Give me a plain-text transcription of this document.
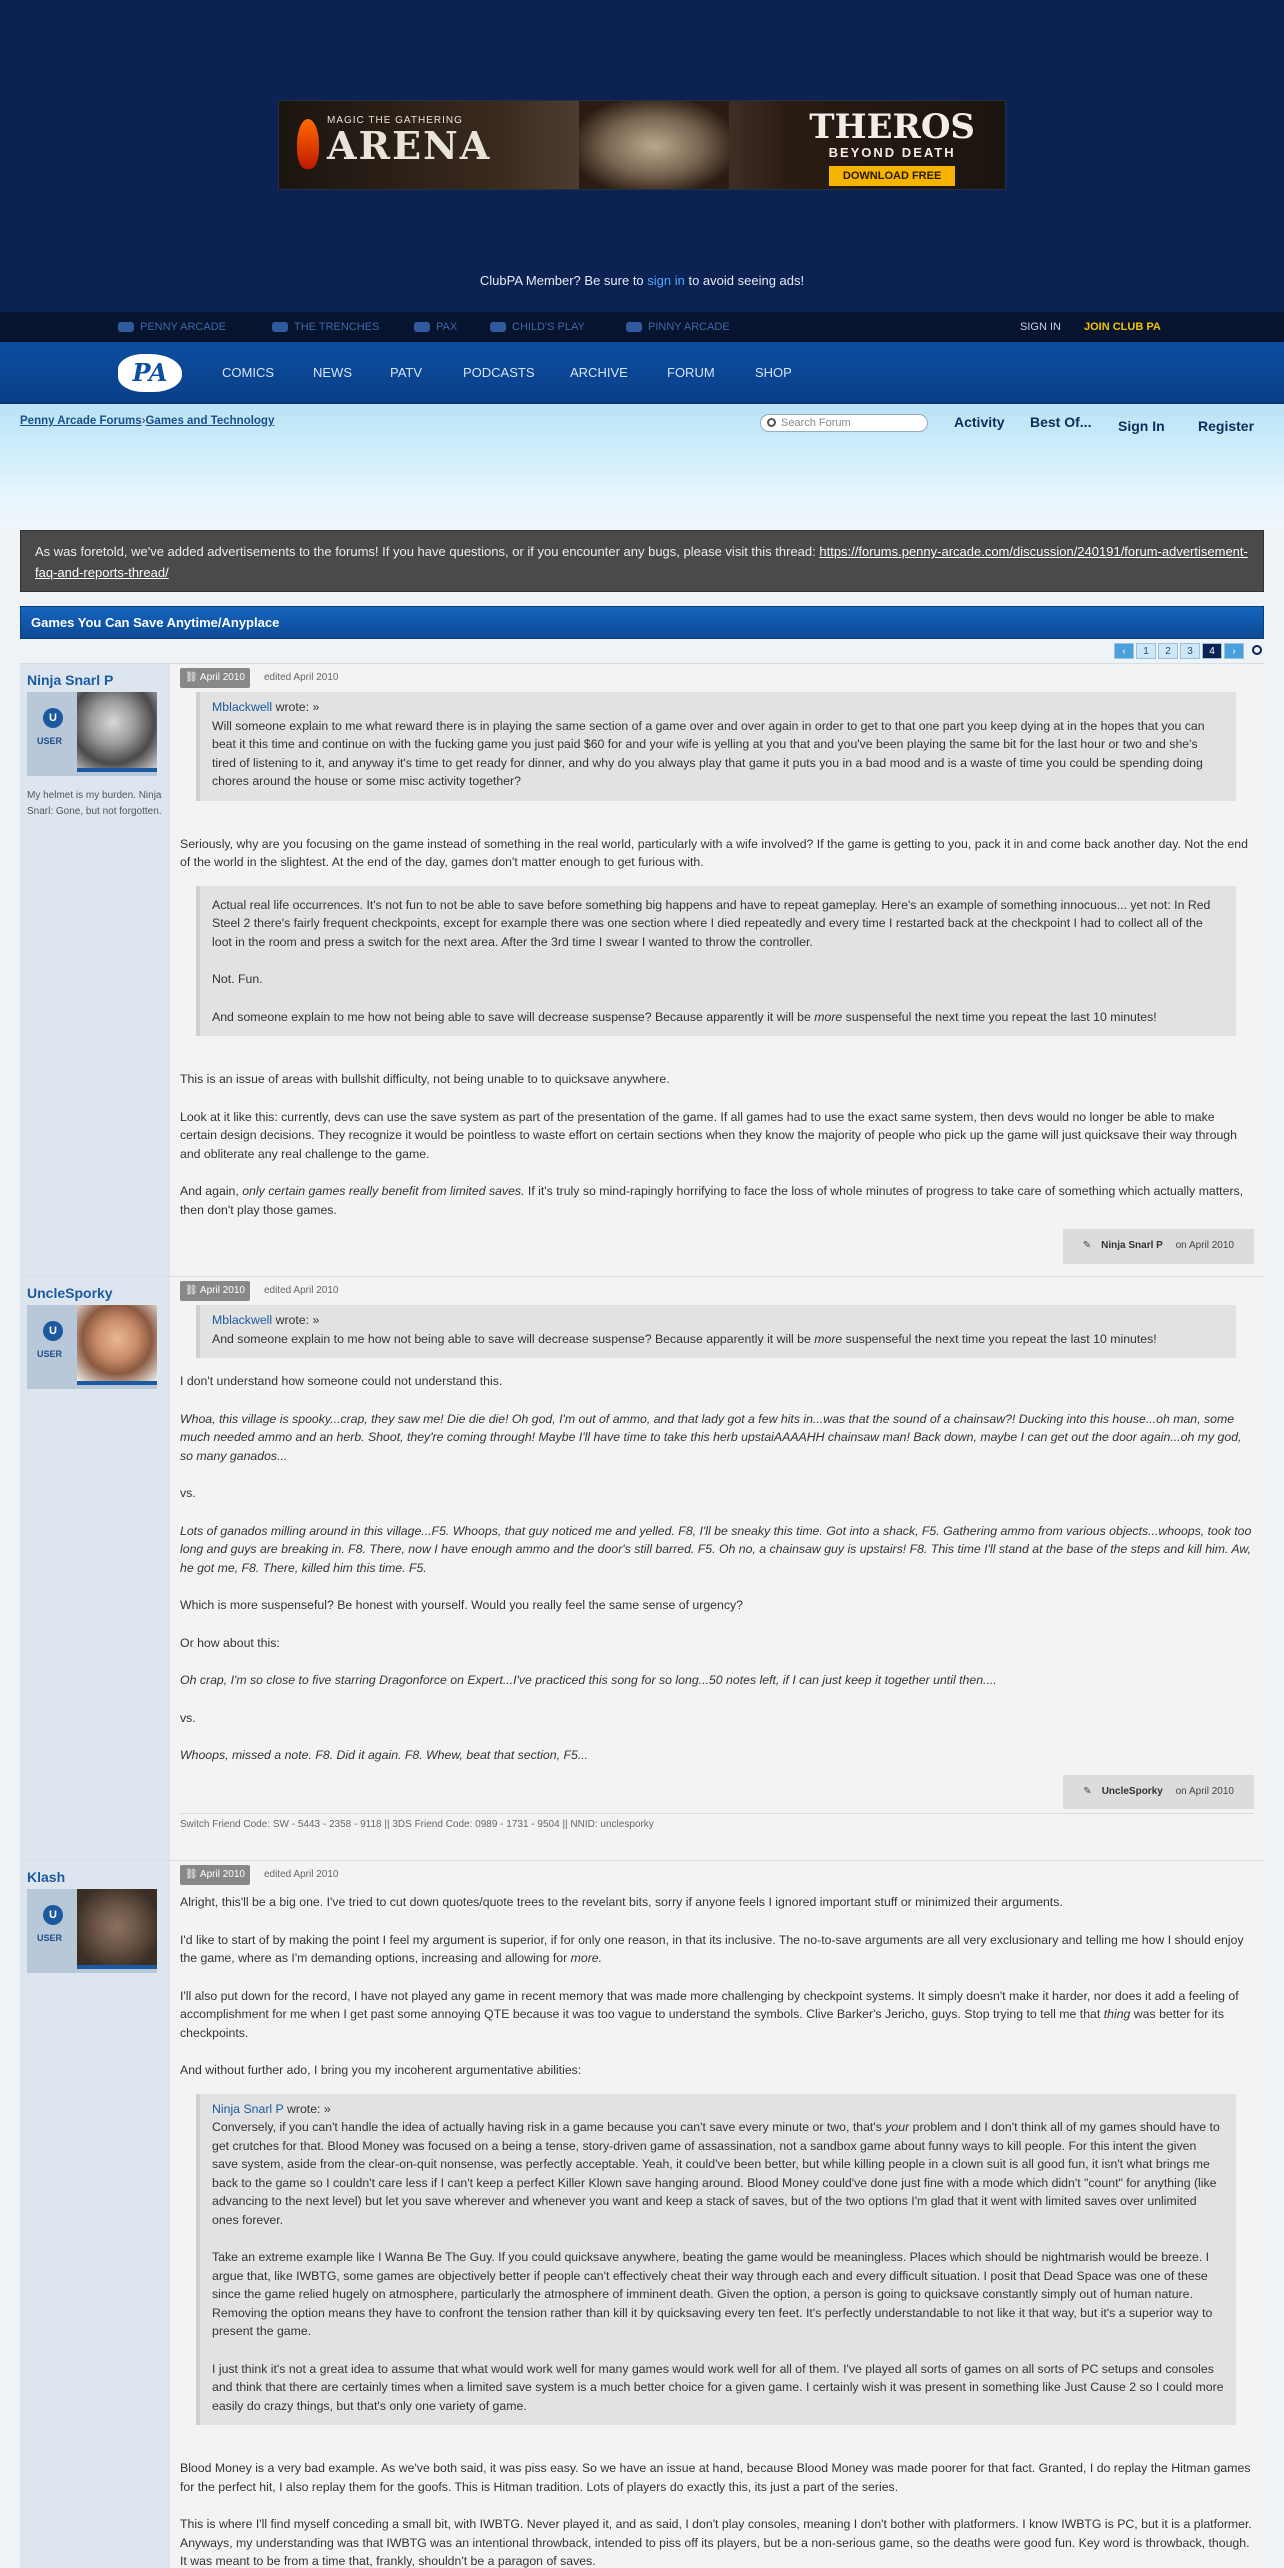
MAGIC THE GATHERING
ARENA	THEROS
BEYOND DEATH
DOWNLOAD FREE
ClubPA Member? Be sure to sign in to avoid seeing ads!
PENNY ARCADE	THE TRENCHES	PAX	CHILD'S PLAY	PINNY ARCADE	SIGN IN JOIN CLUB PA
PA	COMICS	NEWS	PATV	PODCASTS	ARCHIVE	FORUM	SHOP
Penny Arcade Forums›Games and Technology	Search Forum	Activity Best Of... Sign In Register
As was foretold, we've added advertisements to the forums! If you have questions, or if you encounter any bugs, please visit this thread: https://forums.penny-arcade.com/discussion/240191/forum-advertisement-faq-and-reports-thread/
Games You Can Save Anytime/Anyplace
‹	1	2	3	4	›
Ninja Snarl P
U
USER
My helmet is my burden. Ninja Snarl: Gone, but not forgotten.
⛓ April 2010	edited April 2010
Mblackwell wrote: »

Will someone explain to me what reward there is in playing the same section of a game over and over again in order to get to that one part you keep dying at in the hopes that you can beat it this time and continue on with the fucking game you just paid $60 for and your wife is yelling at you that and you've been playing the same bit for the last hour or two and she's tired of listening to it, and anyway it's time to get ready for dinner, and why do you always play that game it puts you in a bad mood and is a waste of time you could be spending doing chores around the house or some misc activity together?

Seriously, why are you focusing on the game instead of something in the real world, particularly with a wife involved? If the game is getting to you, pack it in and come back another day. Not the end of the world in the slightest. At the end of the day, games don't matter enough to get furious with.

Actual real life occurrences. It's not fun to not be able to save before something big happens and have to repeat gameplay. Here's an example of something innocuous... yet not: In Red Steel 2 there's fairly frequent checkpoints, except for example there was one section where I died repeatedly and every time I restarted back at the checkpoint I had to collect all of the loot in the room and press a switch for the next area. After the 3rd time I swear I wanted to throw the controller.

Not. Fun.

And someone explain to me how not being able to save will decrease suspense? Because apparently it will be more suspenseful the next time you repeat the last 10 minutes!

This is an issue of areas with bullshit difficulty, not being unable to to quicksave anywhere.

Look at it like this: currently, devs can use the save system as part of the presentation of the game. If all games had to use the exact same system, then devs would no longer be able to make certain design decisions. They recognize it would be pointless to waste effort on certain sections when they know the majority of people who pick up the game will just quicksave their way through and obliterate any real challenge to the game.

And again, only certain games really benefit from limited saves. If it's truly so mind-rapingly horrifying to face the loss of whole minutes of progress to take care of something which actually matters, then don't play those games.

✎Ninja Snarl P on April 2010
UncleSporky
U
USER
⛓ April 2010	edited April 2010
Mblackwell wrote: »

And someone explain to me how not being able to save will decrease suspense? Because apparently it will be more suspenseful the next time you repeat the last 10 minutes!

I don't understand how someone could not understand this.

Whoa, this village is spooky...crap, they saw me! Die die die! Oh god, I'm out of ammo, and that lady got a few hits in...was that the sound of a chainsaw?! Ducking into this house...oh man, some much needed ammo and an herb. Shoot, they're coming through! Maybe I'll have time to take this herb upstaiAAAAHH chainsaw man! Back down, maybe I can get out the door again...oh my god, so many ganados...

vs.

Lots of ganados milling around in this village...F5. Whoops, that guy noticed me and yelled. F8, I'll be sneaky this time. Got into a shack, F5. Gathering ammo from various objects...whoops, took too long and guys are breaking in. F8. There, now I have enough ammo and the door's still barred. F5. Oh no, a chainsaw guy is upstairs! F8. This time I'll stand at the base of the steps and kill him. Aw, he got me, F8. There, killed him this time. F5.

Which is more suspenseful? Be honest with yourself. Would you really feel the same sense of urgency?

Or how about this:

Oh crap, I'm so close to five starring Dragonforce on Expert...I've practiced this song for so long...50 notes left, if I can just keep it together until then....

vs.

Whoops, missed a note. F8. Did it again. F8. Whew, beat that section, F5...

✎UncleSporky on April 2010
Switch Friend Code: SW - 5443 - 2358 - 9118 || 3DS Friend Code: 0989 - 1731 - 9504 || NNID: unclesporky
Klash
U
USER
⛓ April 2010	edited April 2010

Alright, this'll be a big one. I've tried to cut down quotes/quote trees to the revelant bits, sorry if anyone feels I ignored important stuff or minimized their arguments.

I'd like to start of by making the point I feel my argument is superior, if for only one reason, in that its inclusive. The no-to-save arguments are all very exclusionary and telling me how I should enjoy the game, where as I'm demanding options, increasing and allowing for more.

I'll also put down for the record, I have not played any game in recent memory that was made more challenging by checkpoint systems. It simply doesn't make it harder, nor does it add a feeling of accomplishment for me when I get past some annoying QTE because it was too vague to understand the symbols. Clive Barker's Jericho, guys. Stop trying to tell me that thing was better for its checkpoints.

And without further ado, I bring you my incoherent argumentative abilities:

Ninja Snarl P wrote: »

Conversely, if you can't handle the idea of actually having risk in a game because you can't save every minute or two, that's your problem and I don't think all of my games should have to get crutches for that. Blood Money was focused on a being a tense, story-driven game of assassination, not a sandbox game about funny ways to kill people. For this intent the given save system, aside from the clear-on-quit nonsense, was perfectly acceptable. Yeah, it could've been better, but while killing people in a clown suit is all good fun, it isn't what brings me back to the game so I couldn't care less if I can't keep a perfect Killer Klown save hanging around. Blood Money could've done just fine with a mode which didn't "count" for anything (like advancing to the next level) but let you save wherever and whenever you want and keep a stack of saves, but of the two options I'm glad that it went with limited saves over unlimited ones forever.

Take an extreme example like I Wanna Be The Guy. If you could quicksave anywhere, beating the game would be meaningless. Places which should be nightmarish would be breeze. I argue that, like IWBTG, some games are objectively better if people can't effectively cheat their way through each and every difficult situation. I posit that Dead Space was one of these since the game relied hugely on atmosphere, particularly the atmosphere of imminent death. Given the option, a person is going to quicksave constantly simply out of human nature. Removing the option means they have to confront the tension rather than kill it by quicksaving every ten feet. It's perfectly understandable to not like it that way, but it's a superior way to present the game.

I just think it's not a great idea to assume that what would work well for many games would work well for all of them. I've played all sorts of games on all sorts of PC setups and consoles and think that there are certainly times when a limited save system is a much better choice for a given game. I certainly wish it was present in something like Just Cause 2 so I could more easily do crazy things, but that's only one variety of game.

Blood Money is a very bad example. As we've both said, it was piss easy. So we have an issue at hand, because Blood Money was made poorer for that fact. Granted, I do replay the Hitman games for the perfect hit, I also replay them for the goofs. This is Hitman tradition. Lots of players do exactly this, its just a part of the series.

This is where I'll find myself conceding a small bit, with IWBTG. Never played it, and as said, I don't play consoles, meaning I don't bother with platformers. I know IWBTG is PC, but it is a platformer. Anyways, my understanding was that IWBTG was an intentional throwback, intended to piss off its players, but be a non-serious game, so the deaths were good fun. Key word is throwback, though. It was meant to be from a time that, frankly, shouldn't be a paragon of saves.
